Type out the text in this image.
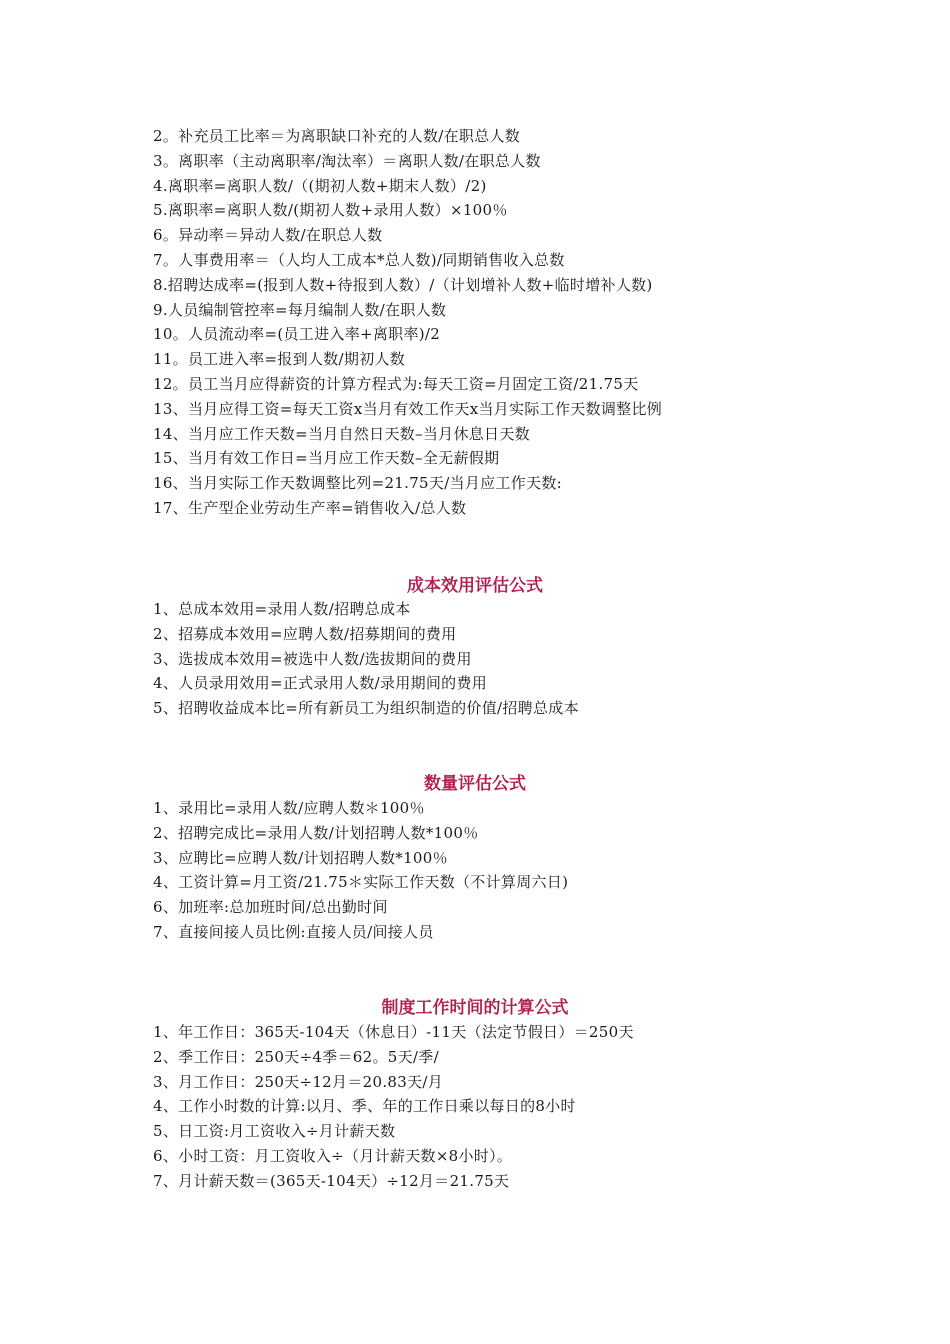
2。补充员工比率＝为离职缺口补充的人数/在职总人数
3。离职率（主动离职率/淘汰率）＝离职人数/在职总人数
4.离职率=离职人数/（(期初人数+期末人数）/2)
5.离职率=离职人数/(期初人数+录用人数）×100％
6。异动率＝异动人数/在职总人数
7。人事费用率＝（人均人工成本*总人数)/同期销售收入总数
8.招聘达成率=(报到人数+待报到人数）/（计划增补人数+临时增补人数)
9.人员编制管控率=每月编制人数/在职人数
10。人员流动率=(员工进入率+离职率)/2
11。员工进入率=报到人数/期初人数
12。员工当月应得薪资的计算方程式为:每天工资=月固定工资/21.75天
13、当月应得工资=每天工资x当月有效工作天x当月实际工作天数调整比例
14、当月应工作天数=当月自然日天数–当月休息日天数
15、当月有效工作日=当月应工作天数–全无薪假期
16、当月实际工作天数调整比列=21.75天/当月应工作天数:
17、生产型企业劳动生产率=销售收入/总人数
成本效用评估公式
1、总成本效用=录用人数/招聘总成本
2、招募成本效用=应聘人数/招募期间的费用
3、选拔成本效用=被选中人数/选拔期间的费用
4、人员录用效用=正式录用人数/录用期间的费用
5、招聘收益成本比=所有新员工为组织制造的价值/招聘总成本
数量评估公式
1、录用比=录用人数/应聘人数＊100％
2、招聘完成比=录用人数/计划招聘人数*100％
3、应聘比=应聘人数/计划招聘人数*100％
4、工资计算=月工资/21.75＊实际工作天数（不计算周六日)
6、加班率:总加班时间/总出勤时间
7、直接间接人员比例:直接人员/间接人员
制度工作时间的计算公式
1、年工作日：365天-104天（休息日）-11天（法定节假日）＝250天
2、季工作日：250天÷4季＝62。5天/季/
3、月工作日：250天÷12月＝20.83天/月
4、工作小时数的计算:以月、季、年的工作日乘以每日的8小时
5、日工资:月工资收入÷月计薪天数
6、小时工资：月工资收入÷（月计薪天数×8小时）。
7、月计薪天数＝(365天-104天）÷12月＝21.75天
